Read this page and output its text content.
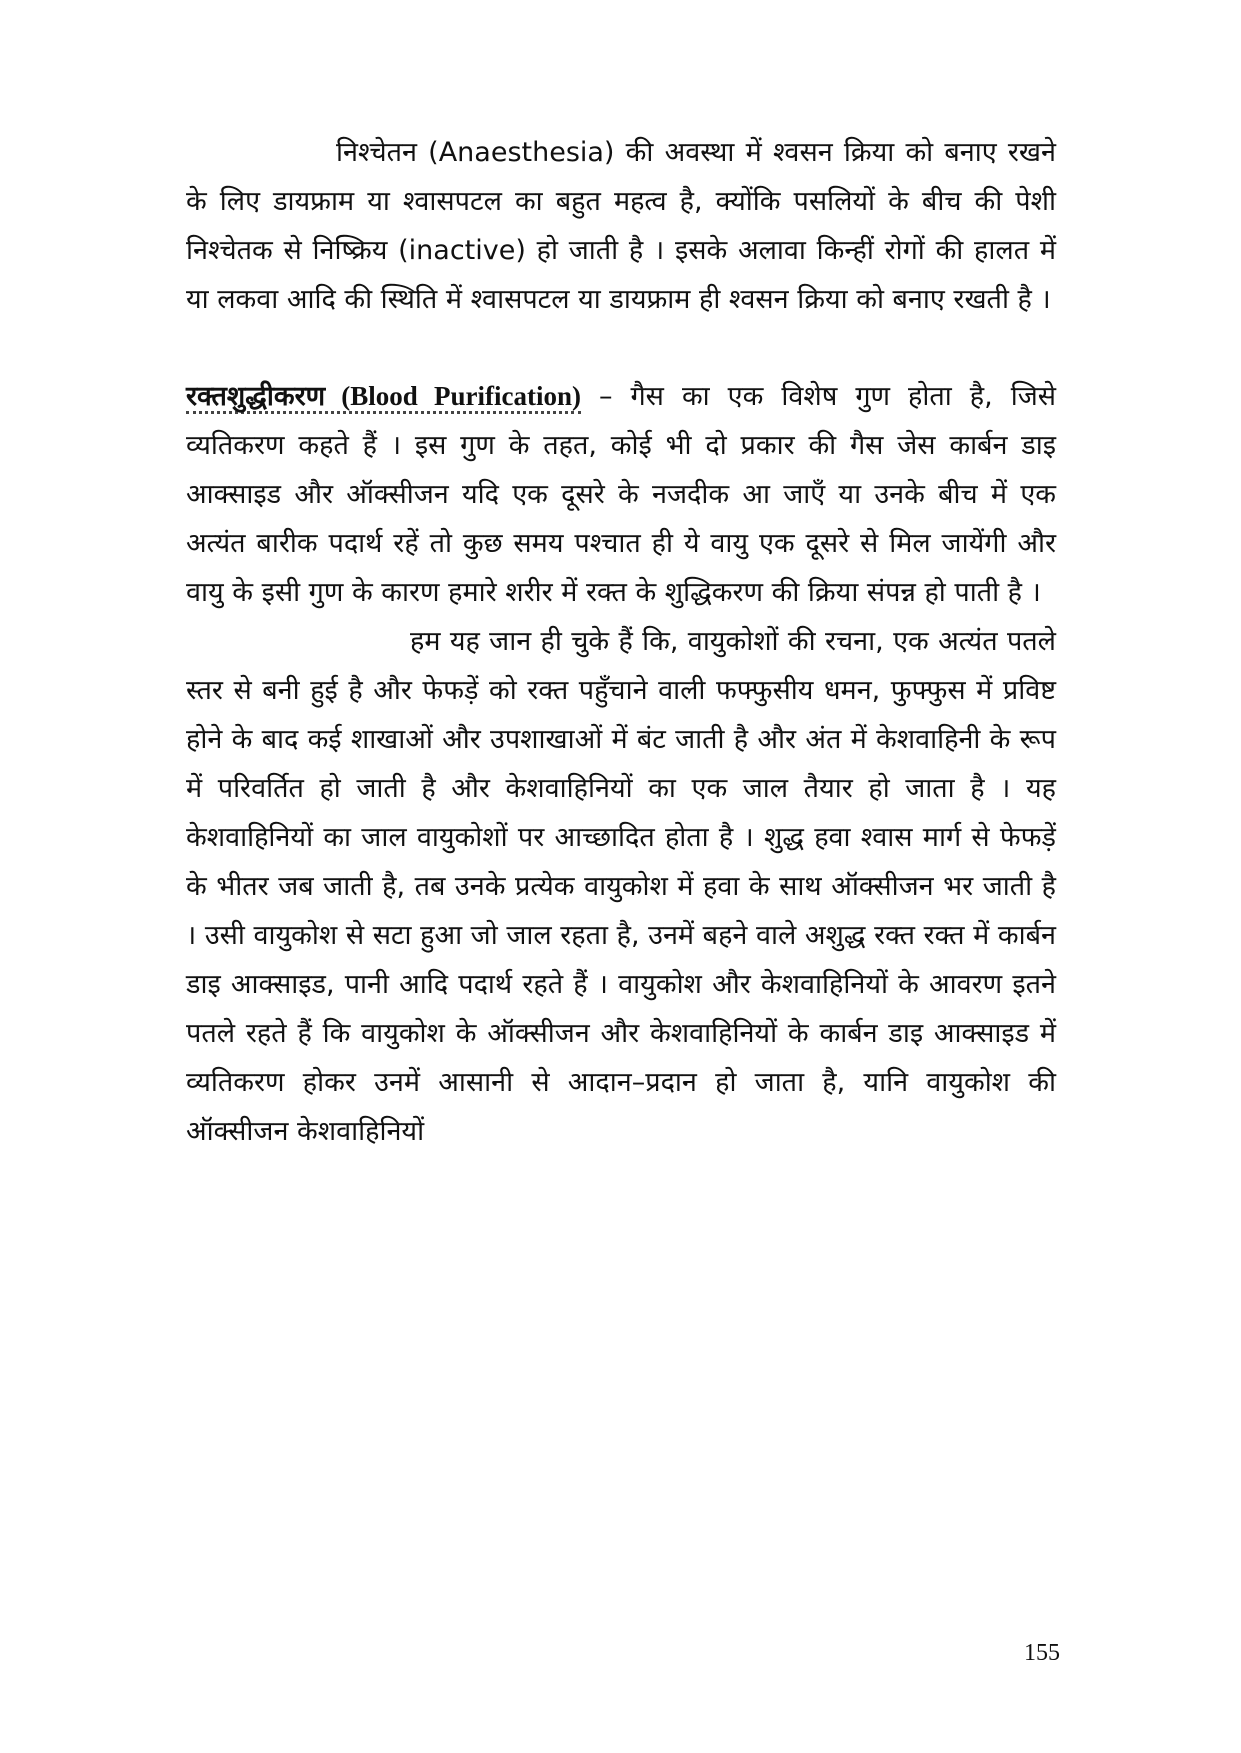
निश्चेतन (Anaesthesia) की अवस्था में श्वसन क्रिया को बनाए रखने के लिए डायफ्राम या श्वासपटल का बहुत महत्व है, क्योंकि पसलियों के बीच की पेशी निश्चेतक से निष्क्रिय (inactive) हो जाती है । इसके अलावा किन्हीं रोगों की हालत में या लकवा आदि की स्थिति में श्वासपटल या डायफ्राम ही श्वसन क्रिया को बनाए रखती है ।

रक्तशुद्धीकरण (Blood Purification) – गैस का एक विशेष गुण होता है, जिसे व्यतिकरण कहते हैं । इस गुण के तहत, कोई भी दो प्रकार की गैस जेस कार्बन डाइ आक्साइड और ऑक्सीजन यदि एक दूसरे के नजदीक आ जाएँ या उनके बीच में एक अत्यंत बारीक पदार्थ रहें तो कुछ समय पश्चात ही ये वायु एक दूसरे से मिल जायेंगी और वायु के इसी गुण के कारण हमारे शरीर में रक्त के शुद्धिकरण की क्रिया संपन्न हो पाती है ।

हम यह जान ही चुके हैं कि, वायुकोशों की रचना, एक अत्यंत पतले स्तर से बनी हुई है और फेफड़ें को रक्त पहुँचाने वाली फफ्फुसीय धमन, फुफ्फुस में प्रविष्ट होने के बाद कई शाखाओं और उपशाखाओं में बंट जाती है और अंत में केशवाहिनी के रूप में परिवर्तित हो जाती है और केशवाहिनियों का एक जाल तैयार हो जाता है । यह केशवाहिनियों का जाल वायुकोशों पर आच्छादित होता है । शुद्ध हवा श्वास मार्ग से फेफड़ें के भीतर जब जाती है, तब उनके प्रत्येक वायुकोश में हवा के साथ ऑक्सीजन भर जाती है । उसी वायुकोश से सटा हुआ जो जाल रहता है, उनमें बहने वाले अशुद्ध रक्त रक्त में कार्बन डाइ आक्साइड, पानी आदि पदार्थ रहते हैं । वायुकोश और केशवाहिनियों के आवरण इतने पतले रहते हैं कि वायुकोश के ऑक्सीजन और केशवाहिनियों के कार्बन डाइ आक्साइड में व्यतिकरण होकर उनमें आसानी से आदान–प्रदान हो जाता है, यानि वायुकोश की ऑक्सीजन केशवाहिनियों

155
